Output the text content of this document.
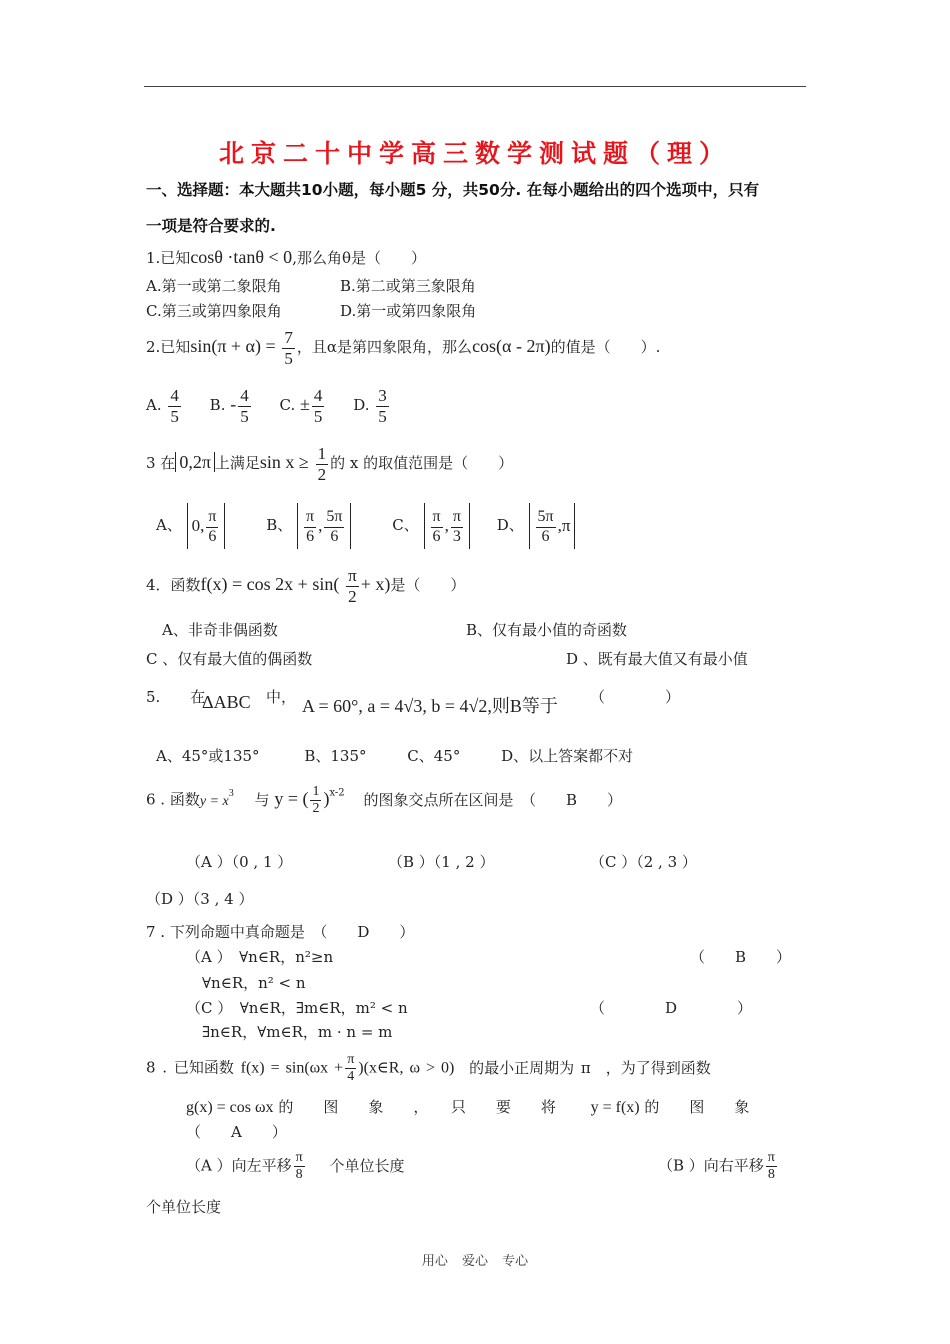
北京二十中学高三数学测试题（理）
一、选择题：本大题共10小题，每小题5 分，共50分. 在每小题给出的四个选项中，只有
一项是符合要求的.
1.已知cosθ ·tanθ < 0,那么角θ是（　　）
A.第一或第二象限角	B.第二或第三象限角
C.第三或第四象限角	D.第一或第四象限角
2.已知$\sin(\pi + \alpha) = \frac{7}{5}$ ，且α是第四象限角，那么cos(α - 2π)的值是（　　）.
A. $\frac{4}{5} B$. - $\frac{4}{5} C$. ± $\frac{4}{5} D$. $\frac{3}{5}$
3 在 0,2π 上满足$\sin x \ge \frac{1}{2}$ 的 x 的取值范围是（　　）
A、 0, $\frac{\pi}{6}$	B、 $\frac{\pi}{6}$ , $\frac{5\pi}{6}$	C、 $\frac{\pi}{6}$ , $\frac{\pi}{3}$ D、 $\frac{5\pi}{6} ,\pi$
4．函数$f(x) = \cos 2x + \sin( \frac{\pi}{2} + x)$是（　　）
A、非奇非偶函数	B、仅有最小值的奇函数
C 、仅有最大值的偶函数	D 、既有最大值又有最小值
5.　　在
ΔABC 中， A = 60°, a = 4√3, b = 4√2,则B等于 （　　　　）
A、45°或135°	B、135°	C、45°	D、以上答案都不对
6 . 函数$y = x^3$ 与 y = ( $\frac{1}{2} )^{x-2}$ 的图象交点所在区间是　（　　B　　）
（A ）（0 , 1 ）	（B ）（1 , 2 ）	（C ）（2 , 3 ）
（D ）（3 , 4 ）
7 . 下列命题中真命题是　（　　D　　）
（A ）　∀n∈R，n²≥n	（　　B　　）
∀n∈R，n² < n
（C ）　∀n∈R，∃m∈R，m² < n	（　　　　D　　　　）
∃n∈R，∀m∈R，m · n = m
8 . 已知函数 $f(x) = \sin(\omega x + \frac{\pi}{4}$ )(x∈R, ω > 0) 的最小正周期为 π　，为了得到函数
g(x) = cos ωx 的　　图　　象　　，　　只　　要　　将 y = f(x) 的　　图　　象
（　　A　　）
（A ）向左平移 $\frac{\pi}{8}$ 个单位长度	（B ）向右平移 $\frac{\pi}{8}$
个单位长度
用心 爱心 专心
